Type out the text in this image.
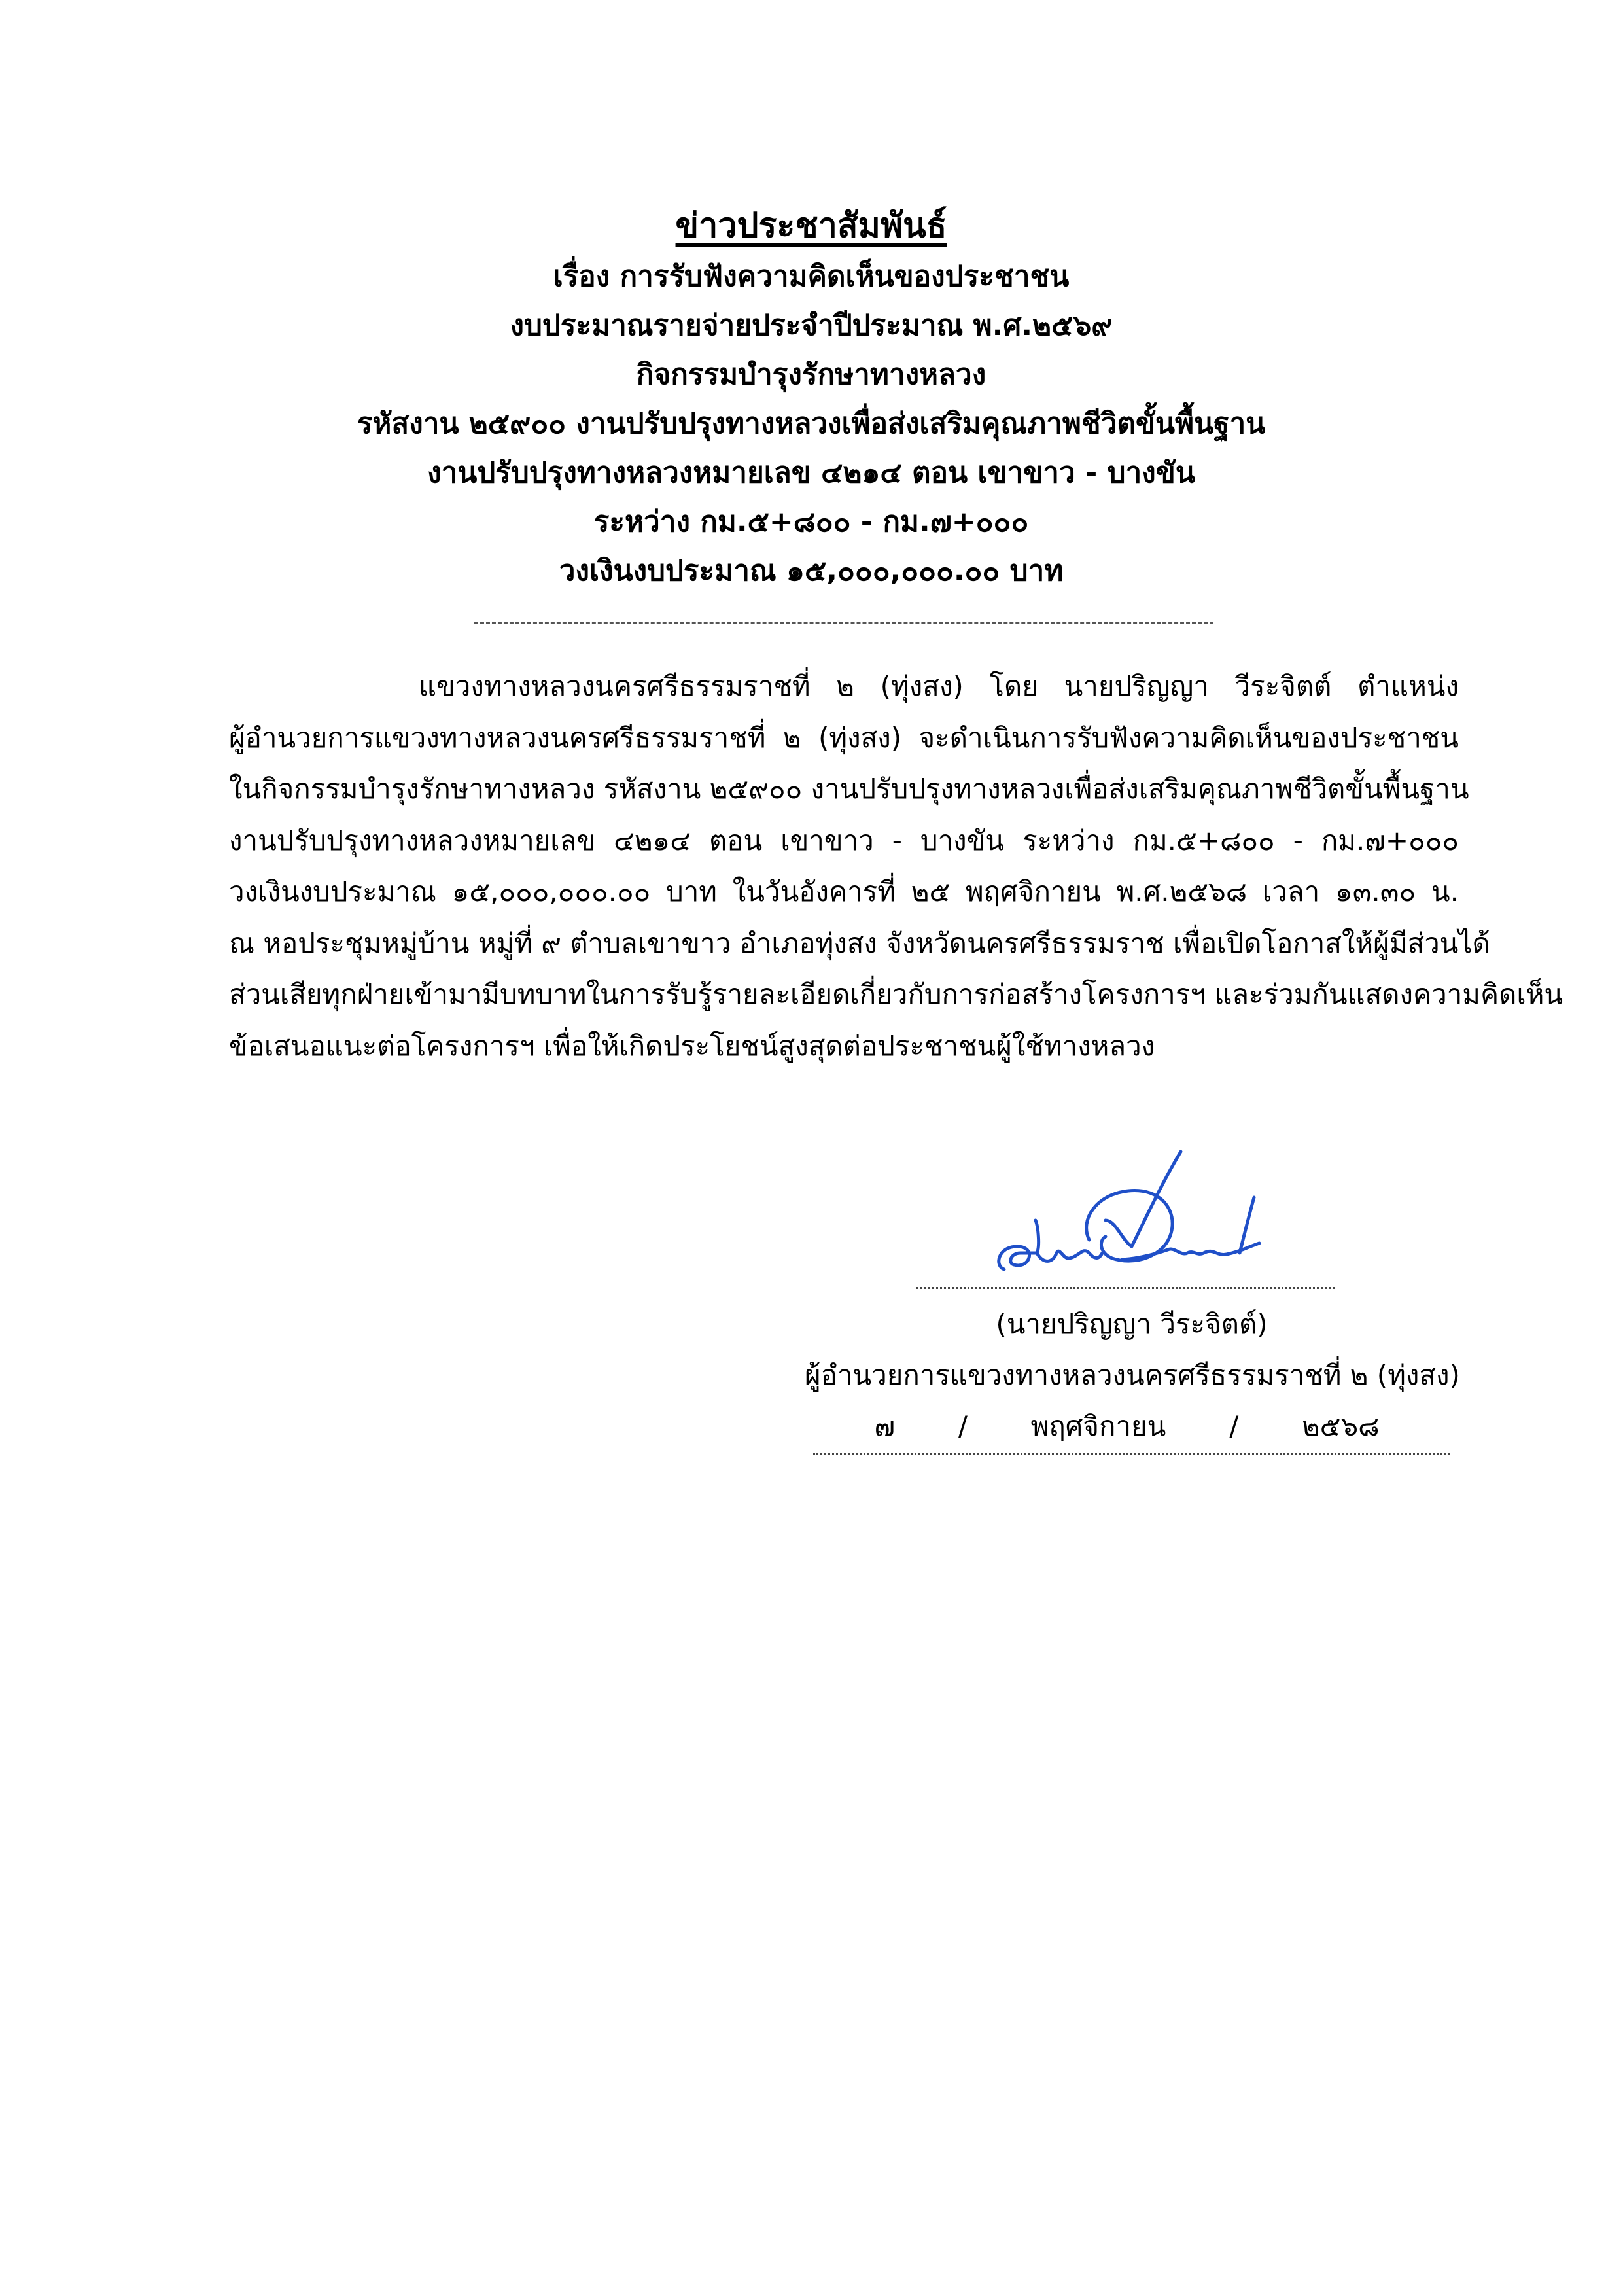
ข่าวประชาสัมพันธ์

เรื่อง การรับฟังความคิดเห็นของประชาชน

งบประมาณรายจ่ายประจำปีประมาณ พ.ศ.๒๕๖๙

กิจกรรมบำรุงรักษาทางหลวง

รหัสงาน ๒๕๙๐๐ งานปรับปรุงทางหลวงเพื่อส่งเสริมคุณภาพชีวิตขั้นพื้นฐาน

งานปรับปรุงทางหลวงหมายเลข ๔๒๑๔ ตอน เขาขาว - บางขัน

ระหว่าง กม.๕+๘๐๐ - กม.๗+๐๐๐

วงเงินงบประมาณ ๑๕,๐๐๐,๐๐๐.๐๐ บาท

แขวงทางหลวงนครศรีธรรมราชที่ ๒ (ทุ่งสง) โดย นายปริญญา วีระจิตต์ ตำแหน่ง
ผู้อำนวยการแขวงทางหลวงนครศรีธรรมราชที่ ๒ (ทุ่งสง) จะดำเนินการรับฟังความคิดเห็นของประชาชน
ในกิจกรรมบำรุงรักษาทางหลวง รหัสงาน ๒๕๙๐๐ งานปรับปรุงทางหลวงเพื่อส่งเสริมคุณภาพชีวิตขั้นพื้นฐาน
งานปรับปรุงทางหลวงหมายเลข ๔๒๑๔ ตอน เขาขาว - บางขัน ระหว่าง กม.๕+๘๐๐ - กม.๗+๐๐๐
วงเงินงบประมาณ ๑๕,๐๐๐,๐๐๐.๐๐ บาท ในวันอังคารที่ ๒๕ พฤศจิกายน พ.ศ.๒๕๖๘ เวลา ๑๓.๓๐ น.
ณ หอประชุมหมู่บ้าน หมู่ที่ ๙ ตำบลเขาขาว อำเภอทุ่งสง จังหวัดนครศรีธรรมราช เพื่อเปิดโอกาสให้ผู้มีส่วนได้
ส่วนเสียทุกฝ่ายเข้ามามีบทบาทในการรับรู้รายละเอียดเกี่ยวกับการก่อสร้างโครงการฯ และร่วมกันแสดงความคิดเห็น
ข้อเสนอแนะต่อโครงการฯ เพื่อให้เกิดประโยชน์สูงสุดต่อประชาชนผู้ใช้ทางหลวง

(นายปริญญา วีระจิตต์)

ผู้อำนวยการแขวงทางหลวงนครศรีธรรมราชที่ ๒ (ทุ่งสง)

๗ / พฤศจิกายน / ๒๕๖๘
